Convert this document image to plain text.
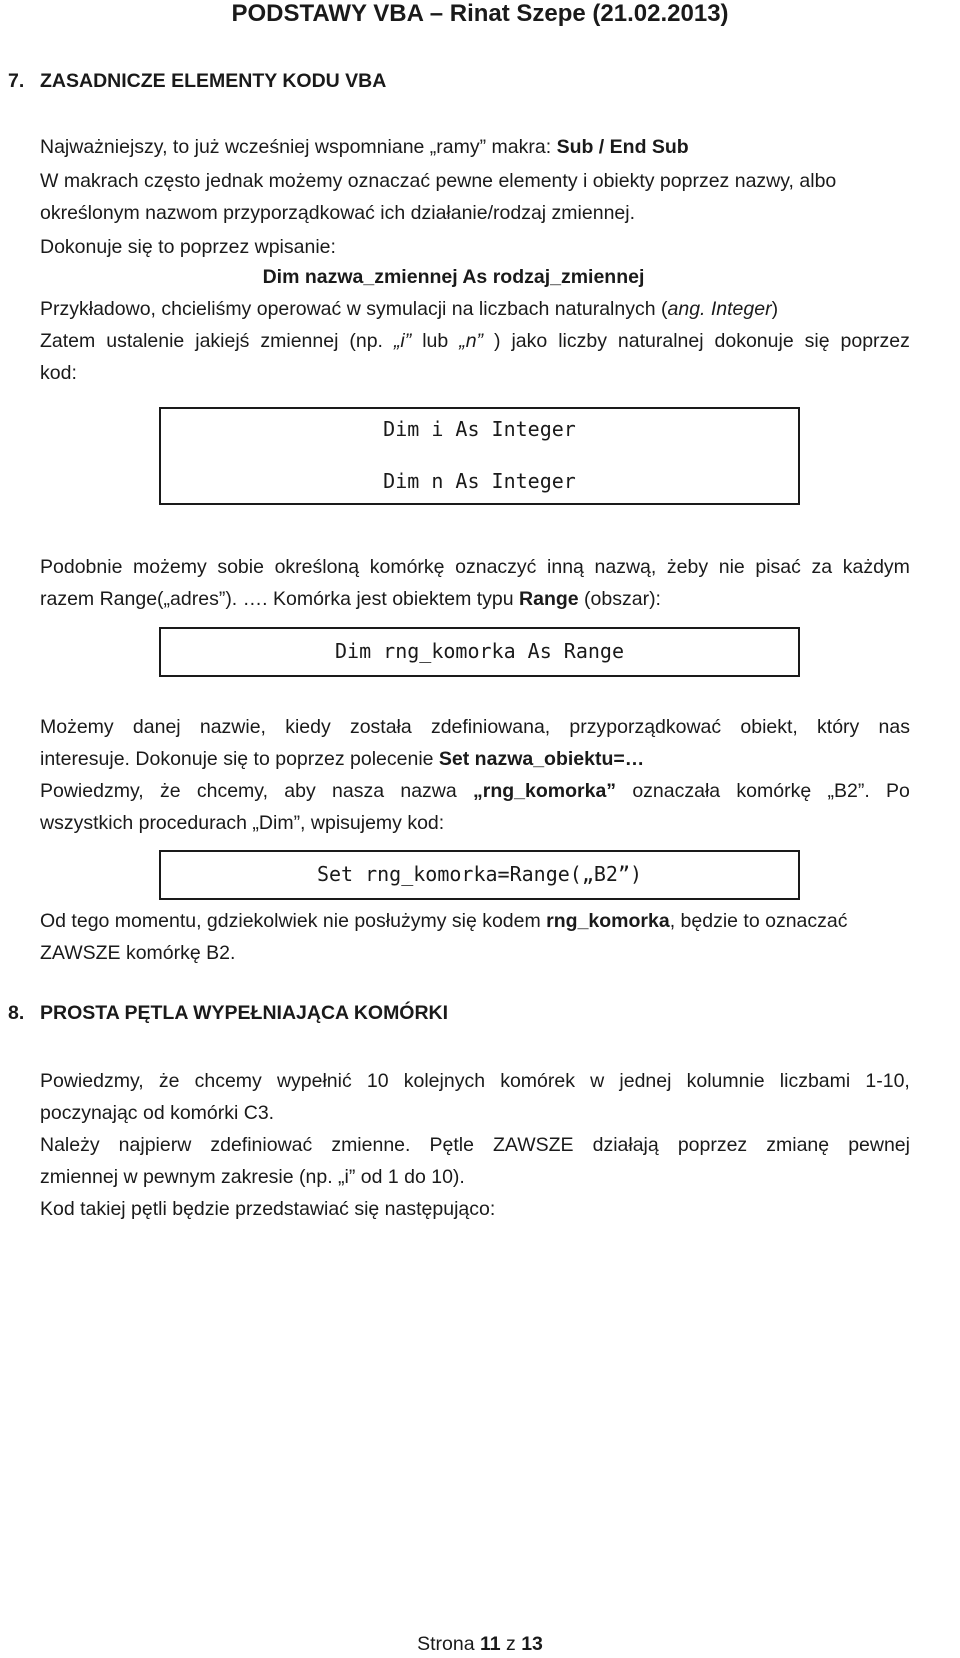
PODSTAWY VBA – Rinat Szepe (21.02.2013)
7. ZASADNICZE ELEMENTY KODU VBA
Najważniejszy, to już wcześniej wspomniane „ramy” makra: Sub / End Sub
W makrach często jednak możemy oznaczać pewne elementy i obiekty poprzez nazwy, albo
określonym nazwom przyporządkować ich działanie/rodzaj zmiennej.
Dokonuje się to poprzez wpisanie:
Dim nazwa_zmiennej As rodzaj_zmiennej
Przykładowo, chcieliśmy operować w symulacji na liczbach naturalnych (ang. Integer)
Zatem ustalenie jakiejś zmiennej (np. „i” lub „n” ) jako liczby naturalnej dokonuje się poprzez
kod:
Dim i As Integer
Dim n As Integer
Podobnie możemy sobie określoną komórkę oznaczyć inną nazwą, żeby nie pisać za każdym
razem Range(„adres”). …. Komórka jest obiektem typu Range (obszar):
Dim rng_komorka As Range
Możemy danej nazwie, kiedy została zdefiniowana, przyporządkować obiekt, który nas
interesuje. Dokonuje się to poprzez polecenie Set nazwa_obiektu=…
Powiedzmy, że chcemy, aby nasza nazwa „rng_komorka” oznaczała komórkę „B2”. Po
wszystkich procedurach „Dim”, wpisujemy kod:
Set rng_komorka=Range(„B2”)
Od tego momentu, gdziekolwiek nie posłużymy się kodem rng_komorka, będzie to oznaczać
ZAWSZE komórkę B2.
8. PROSTA PĘTLA WYPEŁNIAJĄCA KOMÓRKI
Powiedzmy, że chcemy wypełnić 10 kolejnych komórek w jednej kolumnie liczbami 1-10,
poczynając od komórki C3.
Należy najpierw zdefiniować zmienne. Pętle ZAWSZE działają poprzez zmianę pewnej
zmiennej w pewnym zakresie (np. „i” od 1 do 10).
Kod takiej pętli będzie przedstawiać się następująco:
Strona 11 z 13
